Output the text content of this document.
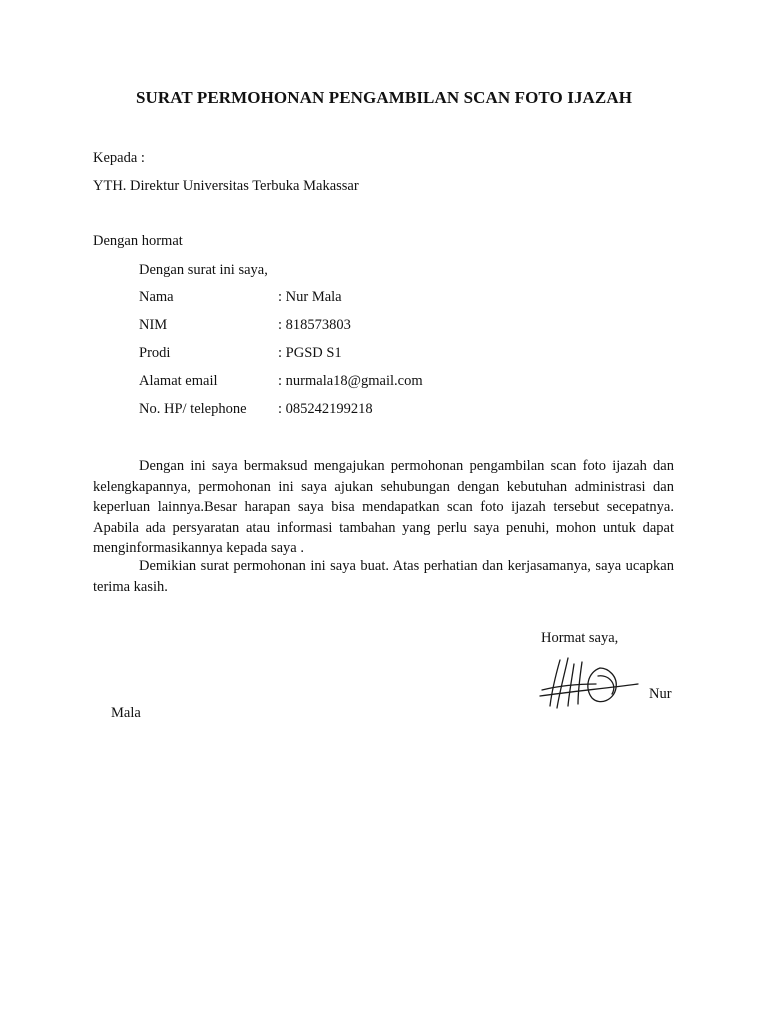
SURAT PERMOHONAN PENGAMBILAN SCAN FOTO IJAZAH
Kepada :
YTH. Direktur Universitas Terbuka Makassar
Dengan hormat
Dengan surat ini saya,
Nama	: Nur Mala
NIM	: 818573803
Prodi	: PGSD S1
Alamat email	: nurmala18@gmail.com
No. HP/ telephone : 085242199218
Dengan ini saya bermaksud mengajukan permohonan pengambilan scan foto ijazah dan kelengkapannya, permohonan ini saya ajukan sehubungan dengan kebutuhan administrasi dan keperluan lainnya.Besar harapan saya bisa mendapatkan scan foto ijazah tersebut secepatnya. Apabila ada persyaratan atau informasi tambahan yang perlu saya penuhi, mohon untuk dapat menginformasikannya kepada saya .
Demikian surat permohonan ini saya buat. Atas perhatian dan kerjasamanya, saya ucapkan terima kasih.
Hormat saya,
Nur
Mala
